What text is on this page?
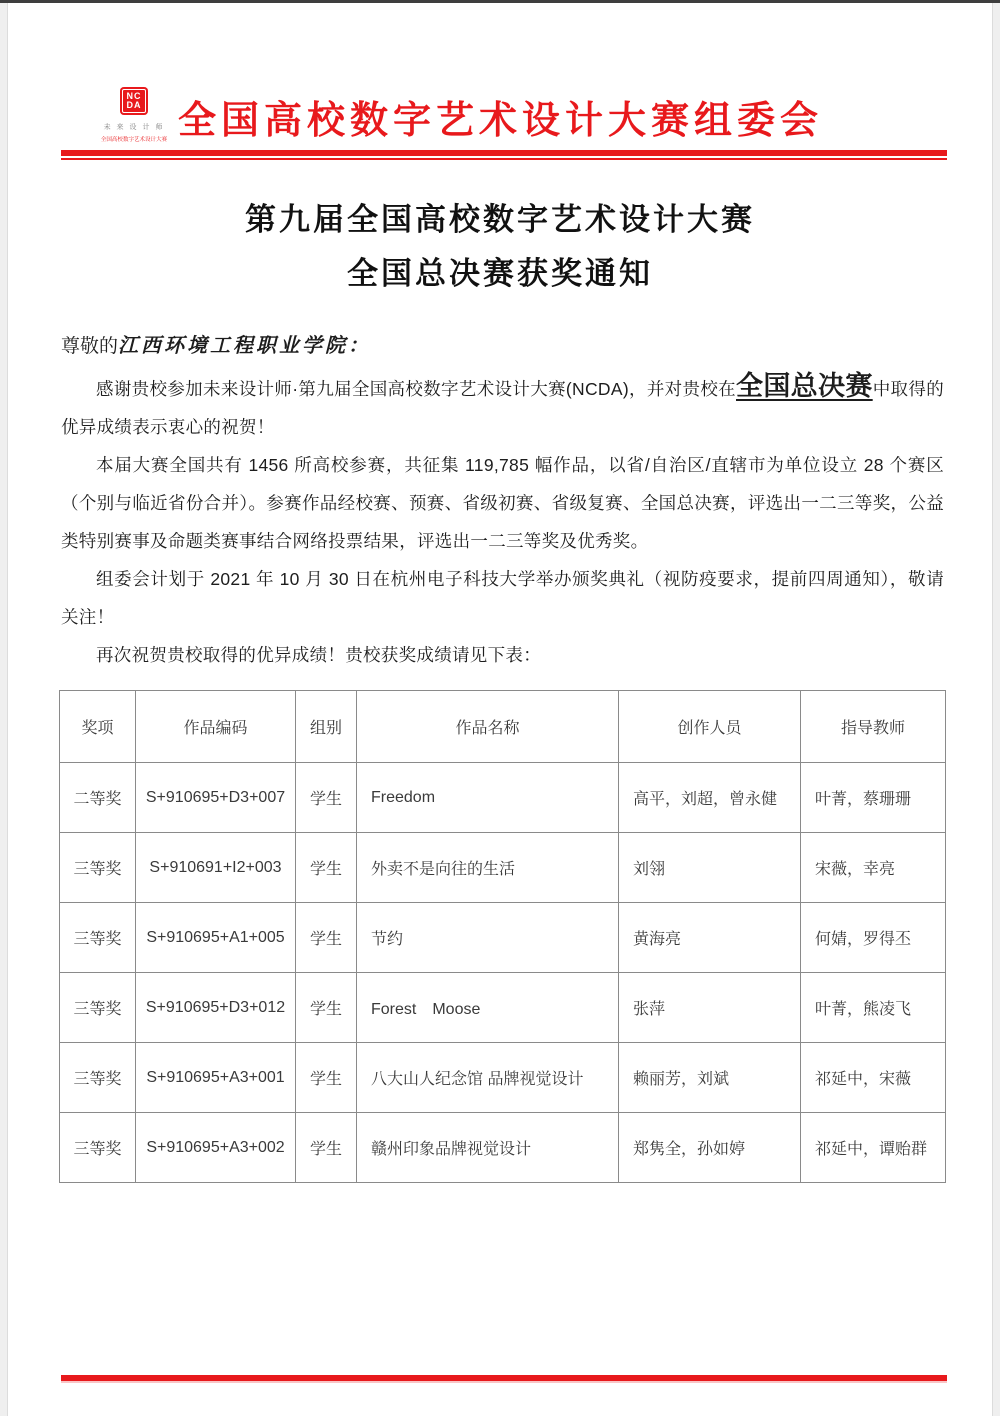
NC
DA
未 来 设 计 师
全国高校数字艺术设计大赛 全国高校数字艺术设计大赛组委会
第九届全国高校数字艺术设计大赛
全国总决赛获奖通知

尊敬的江西环境工程职业学院：

感谢贵校参加未来设计师·第九届全国高校数字艺术设计大赛(NCDA)，并对贵校在全国总决赛中取得的优异成绩表示衷心的祝贺！

本届大赛全国共有 1456 所高校参赛，共征集 119,785 幅作品，以省/自治区/直辖市为单位设立 28 个赛区（个别与临近省份合并）。参赛作品经校赛、预赛、省级初赛、省级复赛、全国总决赛，评选出一二三等奖，公益类特别赛事及命题类赛事结合网络投票结果，评选出一二三等奖及优秀奖。

组委会计划于 2021 年 10 月 30 日在杭州电子科技大学举办颁奖典礼（视防疫要求，提前四周通知），敬请关注！

再次祝贺贵校取得的优异成绩！贵校获奖成绩请见下表：

奖项	作品编码	组别	作品名称	创作人员	指导教师
二等奖	S+910695+D3+007	学生	Freedom	高平，刘超，曾永健	叶菁，蔡珊珊
三等奖	S+910691+I2+003	学生	外卖不是向往的生活	刘翎	宋薇，幸亮
三等奖	S+910695+A1+005	学生	节约	黄海亮	何婧，罗得丕
三等奖	S+910695+D3+012	学生	Forest　Moose	张萍	叶菁，熊凌飞
三等奖	S+910695+A3+001	学生	八大山人纪念馆 品牌视觉设计	赖丽芳，刘斌	祁延中，宋薇
三等奖	S+910695+A3+002	学生	赣州印象品牌视觉设计	郑隽全，孙如婷	祁延中，谭贻群
